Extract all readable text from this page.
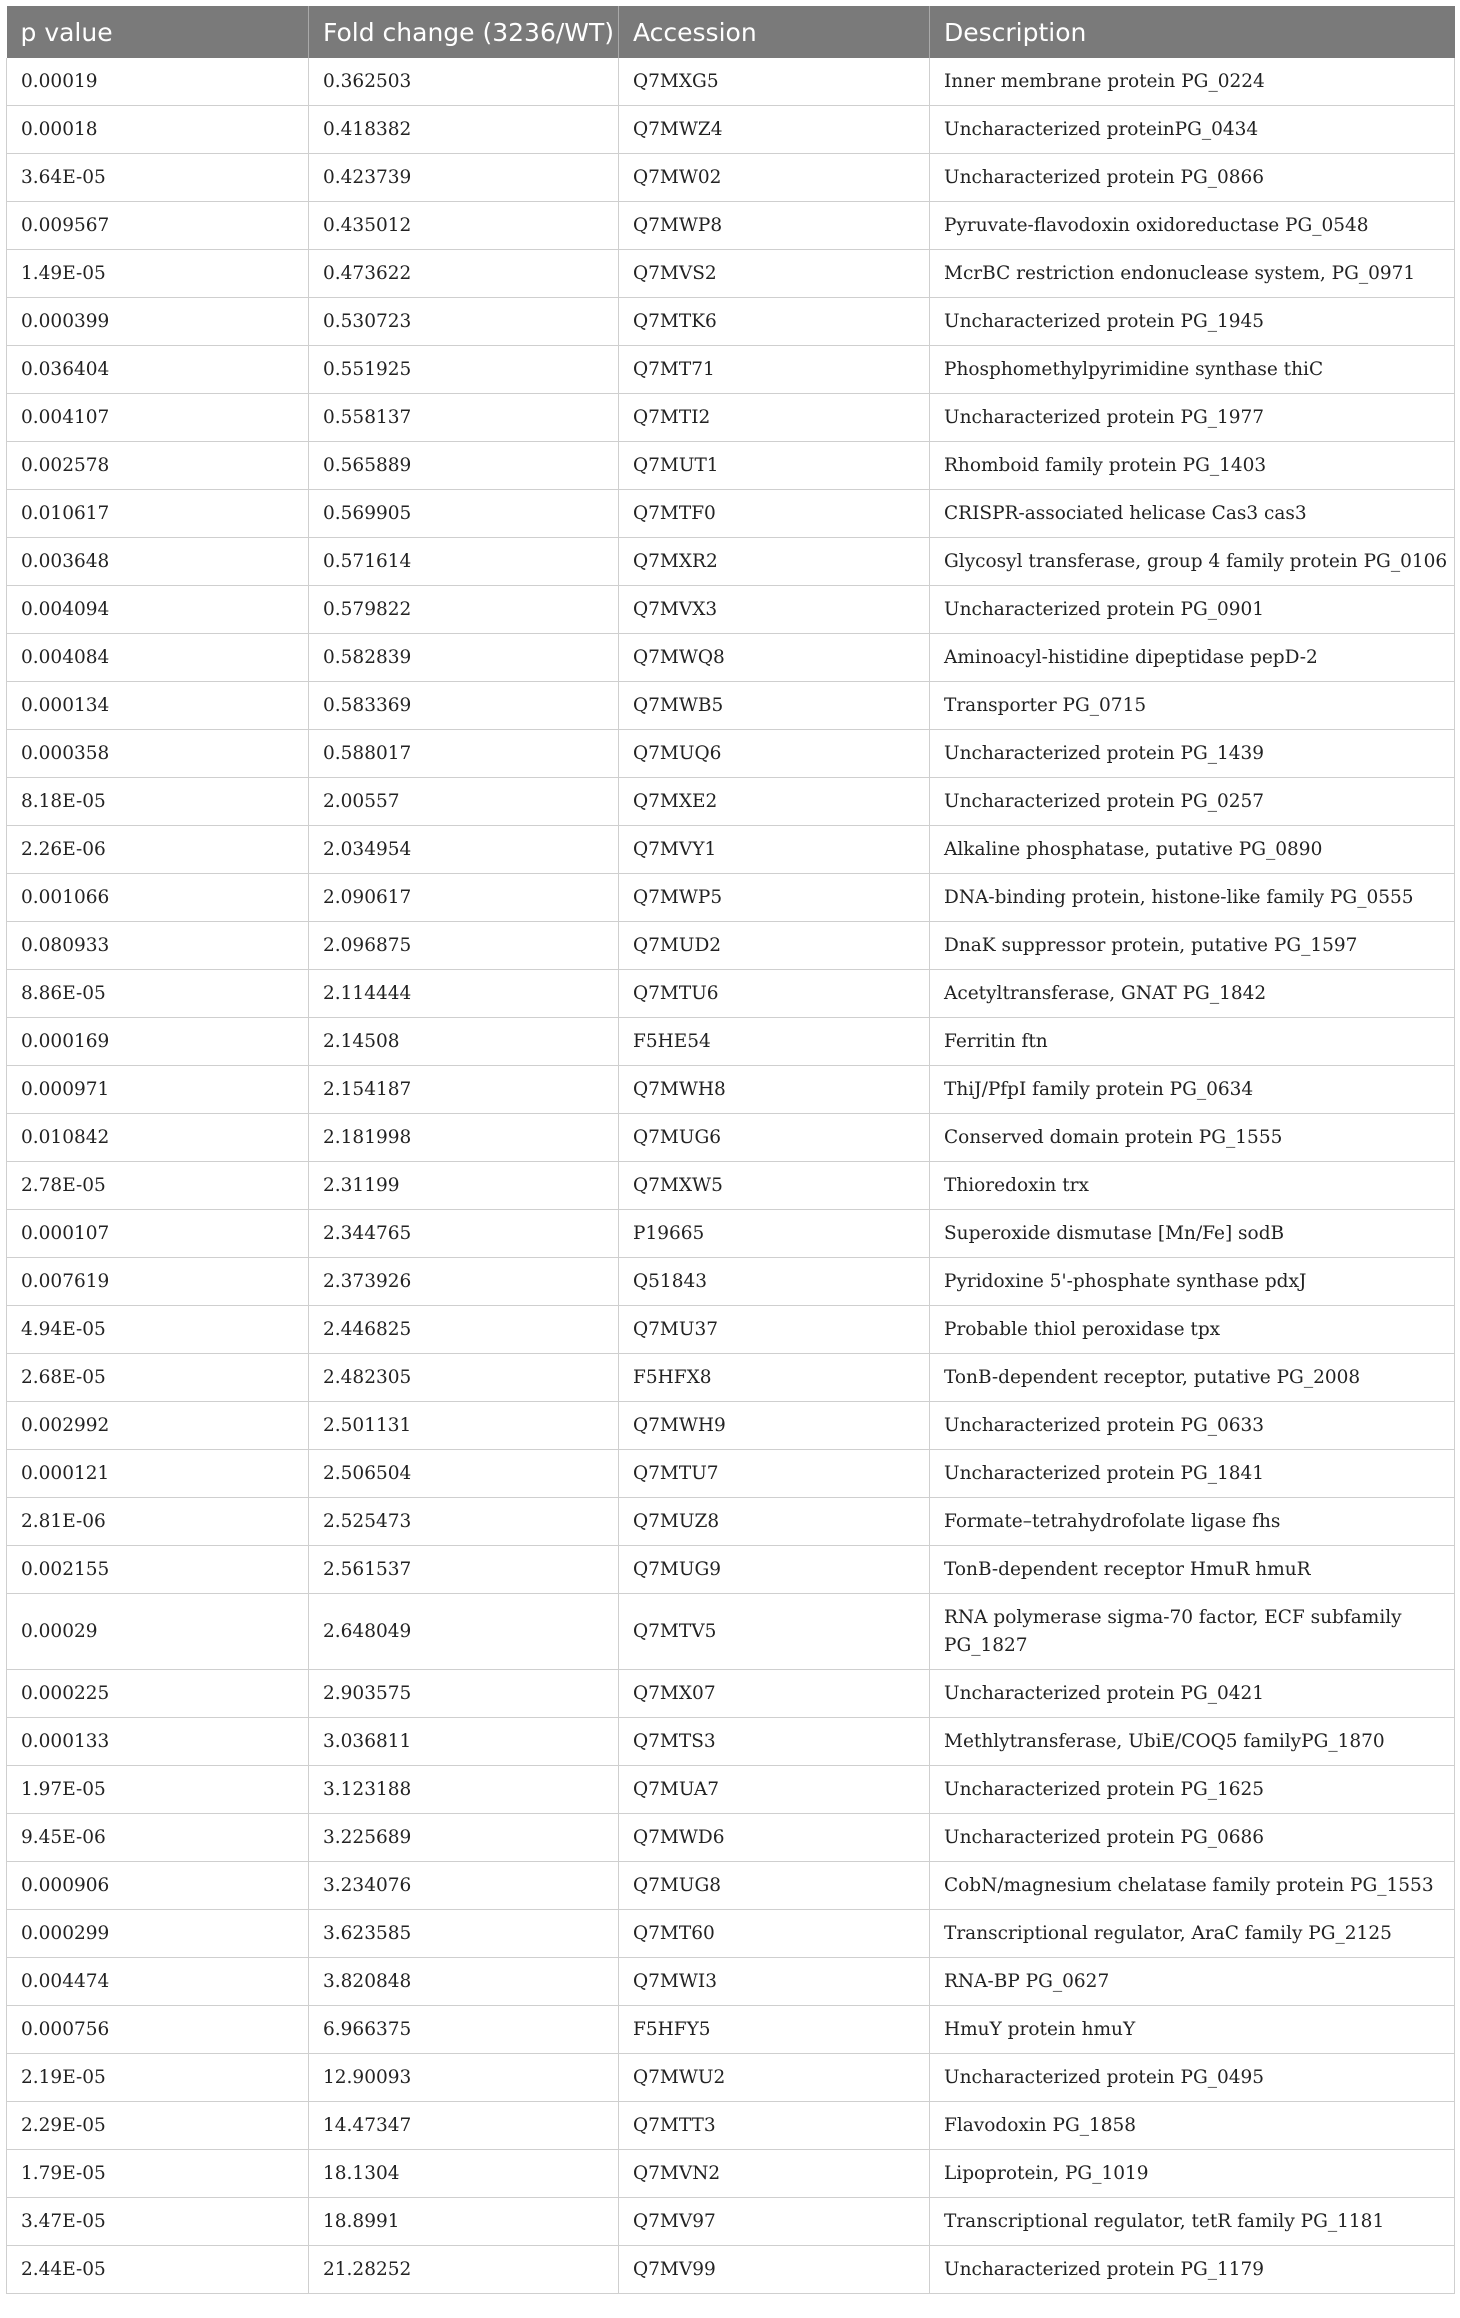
p value	Fold change (3236/WT)	Accession	Description
0.00019	0.362503	Q7MXG5	Inner membrane protein PG_0224
0.00018	0.418382	Q7MWZ4	Uncharacterized proteinPG_0434
3.64E-05	0.423739	Q7MW02	Uncharacterized protein PG_0866
0.009567	0.435012	Q7MWP8	Pyruvate-flavodoxin oxidoreductase PG_0548
1.49E-05	0.473622	Q7MVS2	McrBC restriction endonuclease system, PG_0971
0.000399	0.530723	Q7MTK6	Uncharacterized protein PG_1945
0.036404	0.551925	Q7MT71	Phosphomethylpyrimidine synthase thiC
0.004107	0.558137	Q7MTI2	Uncharacterized protein PG_1977
0.002578	0.565889	Q7MUT1	Rhomboid family protein PG_1403
0.010617	0.569905	Q7MTF0	CRISPR-associated helicase Cas3 cas3
0.003648	0.571614	Q7MXR2	Glycosyl transferase, group 4 family protein PG_0106
0.004094	0.579822	Q7MVX3	Uncharacterized protein PG_0901
0.004084	0.582839	Q7MWQ8	Aminoacyl-histidine dipeptidase pepD-2
0.000134	0.583369	Q7MWB5	Transporter PG_0715
0.000358	0.588017	Q7MUQ6	Uncharacterized protein PG_1439
8.18E-05	2.00557	Q7MXE2	Uncharacterized protein PG_0257
2.26E-06	2.034954	Q7MVY1	Alkaline phosphatase, putative PG_0890
0.001066	2.090617	Q7MWP5	DNA-binding protein, histone-like family PG_0555
0.080933	2.096875	Q7MUD2	DnaK suppressor protein, putative PG_1597
8.86E-05	2.114444	Q7MTU6	Acetyltransferase, GNAT PG_1842
0.000169	2.14508	F5HE54	Ferritin ftn
0.000971	2.154187	Q7MWH8	ThiJ/PfpI family protein PG_0634
0.010842	2.181998	Q7MUG6	Conserved domain protein PG_1555
2.78E-05	2.31199	Q7MXW5	Thioredoxin trx
0.000107	2.344765	P19665	Superoxide dismutase [Mn/Fe] sodB
0.007619	2.373926	Q51843	Pyridoxine 5'-phosphate synthase pdxJ
4.94E-05	2.446825	Q7MU37	Probable thiol peroxidase tpx
2.68E-05	2.482305	F5HFX8	TonB-dependent receptor, putative PG_2008
0.002992	2.501131	Q7MWH9	Uncharacterized protein PG_0633
0.000121	2.506504	Q7MTU7	Uncharacterized protein PG_1841
2.81E-06	2.525473	Q7MUZ8	Formate–tetrahydrofolate ligase fhs
0.002155	2.561537	Q7MUG9	TonB-dependent receptor HmuR hmuR
0.00029	2.648049	Q7MTV5	RNA polymerase sigma-70 factor, ECF subfamily PG_1827
0.000225	2.903575	Q7MX07	Uncharacterized protein PG_0421
0.000133	3.036811	Q7MTS3	Methlytransferase, UbiE/COQ5 familyPG_1870
1.97E-05	3.123188	Q7MUA7	Uncharacterized protein PG_1625
9.45E-06	3.225689	Q7MWD6	Uncharacterized protein PG_0686
0.000906	3.234076	Q7MUG8	CobN/magnesium chelatase family protein PG_1553
0.000299	3.623585	Q7MT60	Transcriptional regulator, AraC family PG_2125
0.004474	3.820848	Q7MWI3	RNA-BP PG_0627
0.000756	6.966375	F5HFY5	HmuY protein hmuY
2.19E-05	12.90093	Q7MWU2	Uncharacterized protein PG_0495
2.29E-05	14.47347	Q7MTT3	Flavodoxin PG_1858
1.79E-05	18.1304	Q7MVN2	Lipoprotein, PG_1019
3.47E-05	18.8991	Q7MV97	Transcriptional regulator, tetR family PG_1181
2.44E-05	21.28252	Q7MV99	Uncharacterized protein PG_1179
